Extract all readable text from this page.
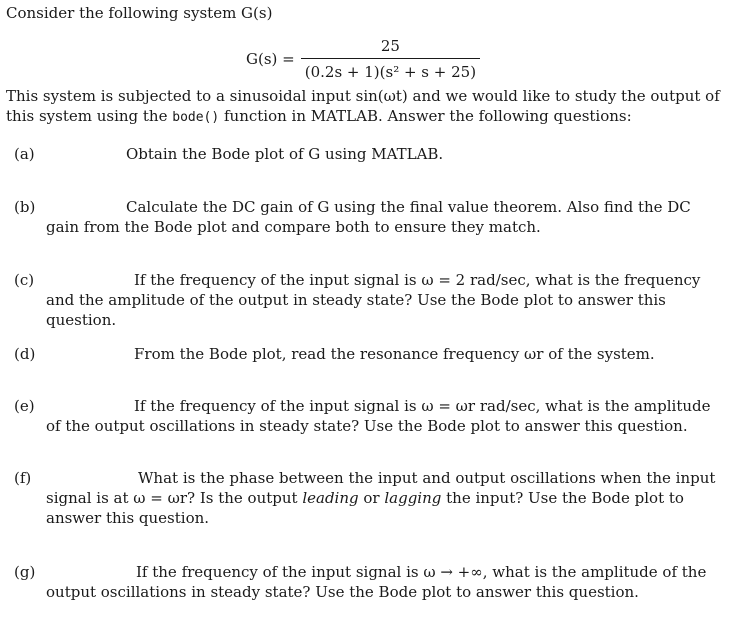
Consider the following system G(s)
$G(s) = \frac{25}{\text{(0.2s + 1)(s² + s + 25)}}$
This system is subjected to a sinusoidal input sin(ωt) and we would like to study the output of this system using the bode() function in MATLAB. Answer the following questions:
(a)	Obtain the Bode plot of G using MATLAB.
(b)	Calculate the DC gain of G using the final value theorem. Also find the DC gain from the Bode plot and compare both to ensure they match.
(c)	If the frequency of the input signal is ω = 2 rad/sec, what is the frequency and the amplitude of the output in steady state? Use the Bode plot to answer this question.
(d)	From the Bode plot, read the resonance frequency ωr of the system.
(e)	If the frequency of the input signal is ω = ωr rad/sec, what is the amplitude of the output oscillations in steady state? Use the Bode plot to answer this question.
(f)	What is the phase between the input and output oscillations when the input signal is at ω = ωr? Is the output leading or lagging the input? Use the Bode plot to answer this question.
(g)	If the frequency of the input signal is ω → +∞, what is the amplitude of the output oscillations in steady state? Use the Bode plot to answer this question.
